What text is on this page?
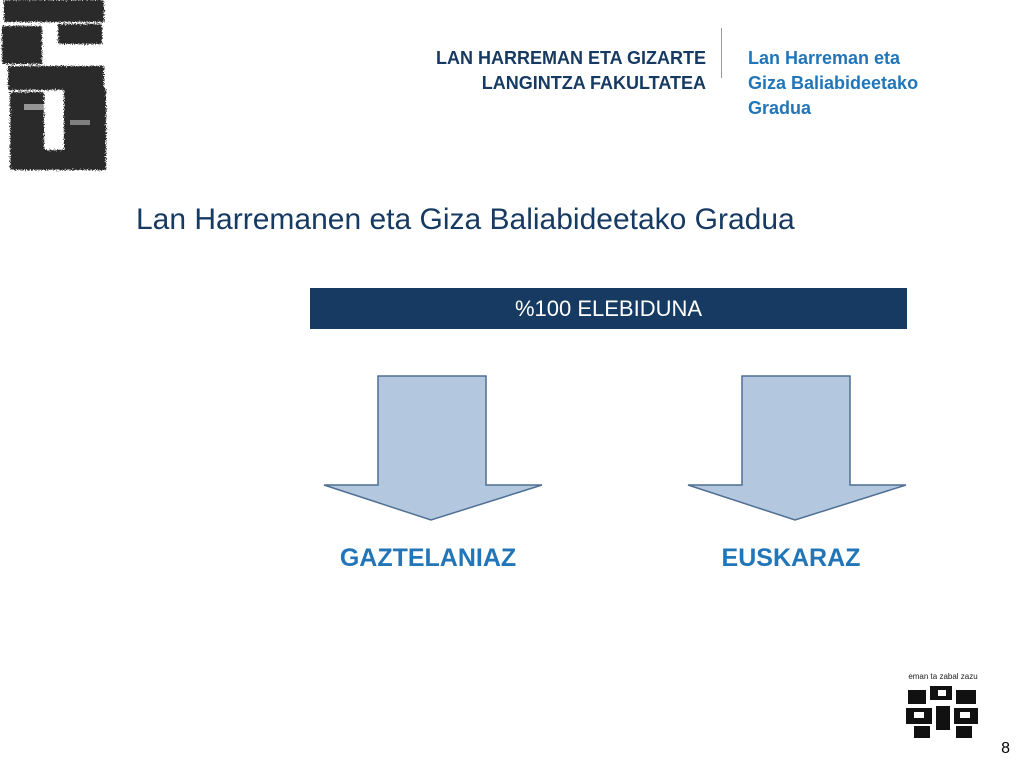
LAN HARREMAN ETA GIZARTE
LANGINTZA FAKULTATEA
Lan Harreman eta
Giza Baliabideetako
Gradua
Lan Harremanen eta Giza Baliabideetako Gradua
%100 ELEBIDUNA
GAZTELANIAZ	EUSKARAZ
eman ta zabal zazu
8
